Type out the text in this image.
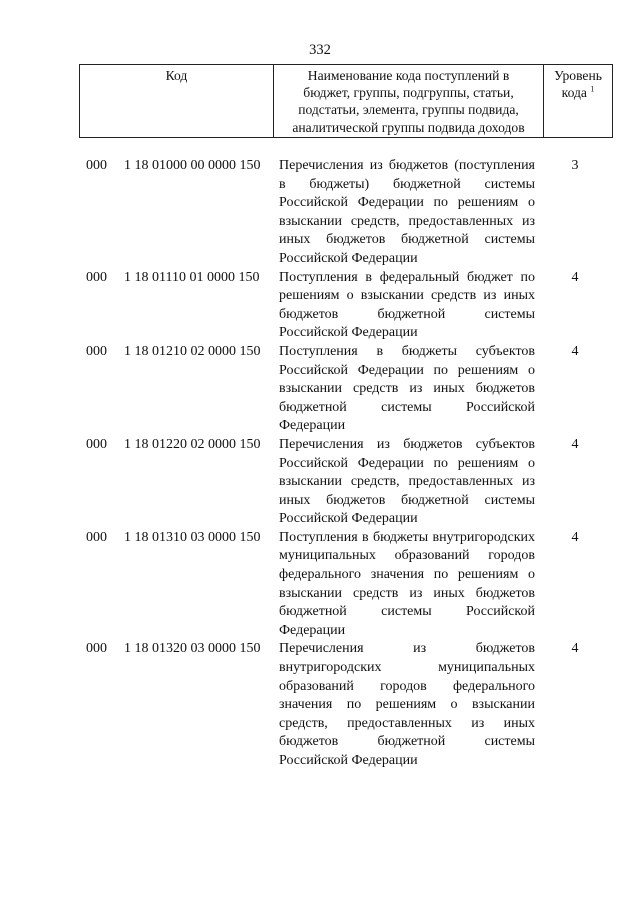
332
Код	Наименование кода поступлений в
бюджет, группы, подгруппы, статьи,
подстатьи, элемента, группы подвида,
аналитической группы подвида доходов
Уровень
кода $^1$
000 1 18 01000 00 0000 150 Перечисления из бюджетов (поступления в бюджеты) бюджетной системы Российской Федерации по решениям о взыскании средств, предоставленных из иных бюджетов бюджетной системы Российской Федерации
3
000 1 18 01110 01 0000 150 Поступления в федеральный бюджет по решениям о взыскании средств из иных бюджетов бюджетной системы Российской Федерации
4
000 1 18 01210 02 0000 150 Поступления в бюджеты субъектов Российской Федерации по решениям о взыскании средств из иных бюджетов бюджетной системы Российской Федерации
4
000 1 18 01220 02 0000 150 Перечисления из бюджетов субъектов Российской Федерации по решениям о взыскании средств, предоставленных из иных бюджетов бюджетной системы Российской Федерации
4
000 1 18 01310 03 0000 150 Поступления в бюджеты внутригородских муниципальных образований городов федерального значения по решениям о взыскании средств из иных бюджетов бюджетной системы Российской Федерации
4
000 1 18 01320 03 0000 150 Перечисления из бюджетов внутригородских муниципальных образований городов федерального значения по решениям о взыскании средств, предоставленных из иных бюджетов бюджетной системы Российской Федерации
4
